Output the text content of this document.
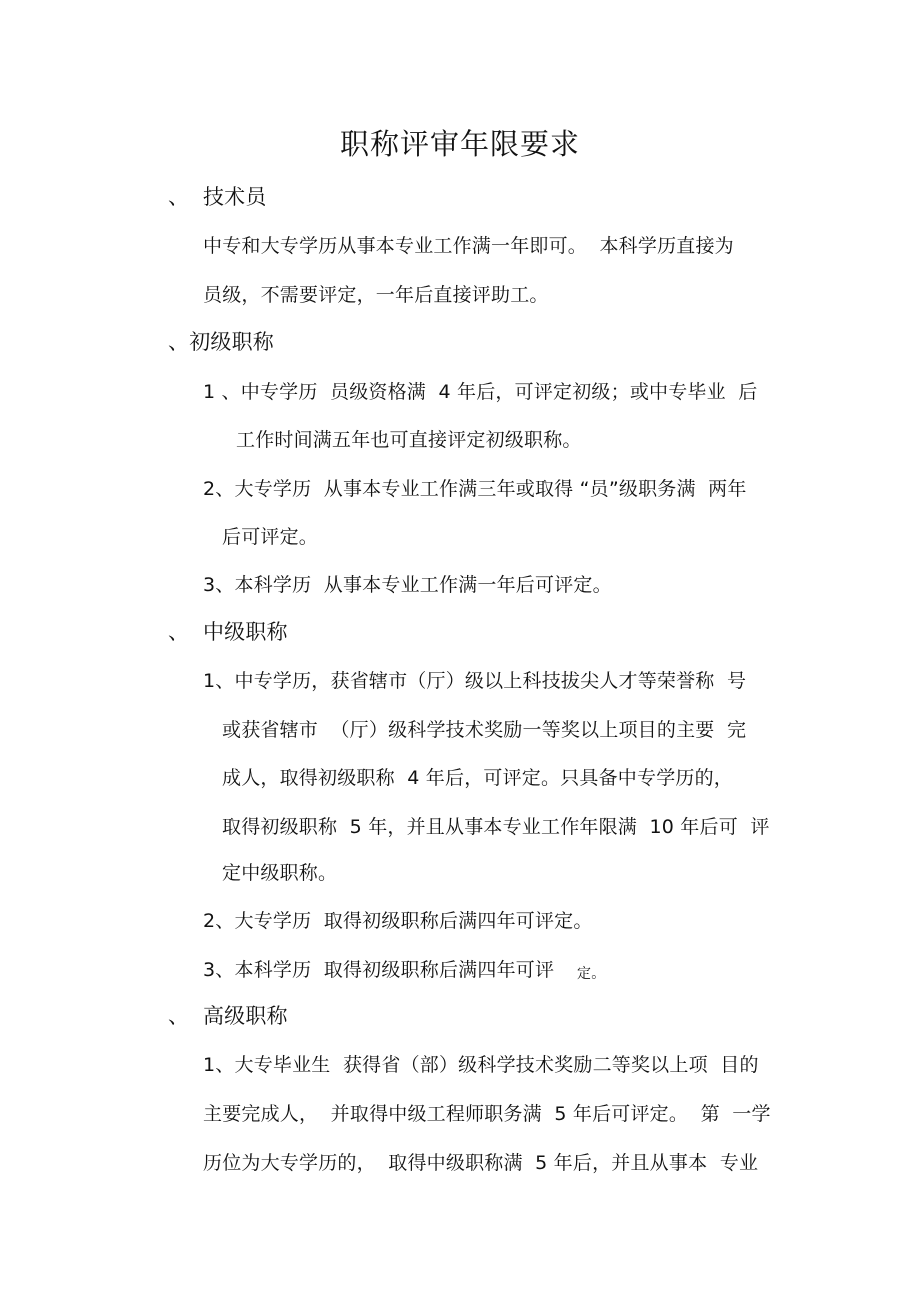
职称评审年限要求
、  技术员
中专和大专学历从事本专业工作满一年即可。  本科学历直接为
员级，不需要评定，一年后直接评助工。
、初级职称
1 、中专学历  员级资格满  4 年后，可评定初级；或中专毕业  后
工作时间满五年也可直接评定初级职称。
2、大专学历  从事本专业工作满三年或取得 “员”级职务满  两年
后可评定。
3、本科学历  从事本专业工作满一年后可评定。
、  中级职称
1、中专学历，获省辖市（厅）级以上科技拔尖人才等荣誉称  号
或获省辖市  （厅）级科学技术奖励一等奖以上项目的主要  完
成人，取得初级职称  4 年后，可评定。只具备中专学历的，
取得初级职称  5 年，并且从事本专业工作年限满  10 年后可  评
定中级职称。
2、大专学历  取得初级职称后满四年可评定。
3、本科学历  取得初级职称后满四年可评 定。
、  高级职称
1、大专毕业生  获得省（部）级科学技术奖励二等奖以上项  目的
主要完成人，  并取得中级工程师职务满  5 年后可评定。  第  一学
历位为大专学历的，  取得中级职称满  5 年后，并且从事本  专业
